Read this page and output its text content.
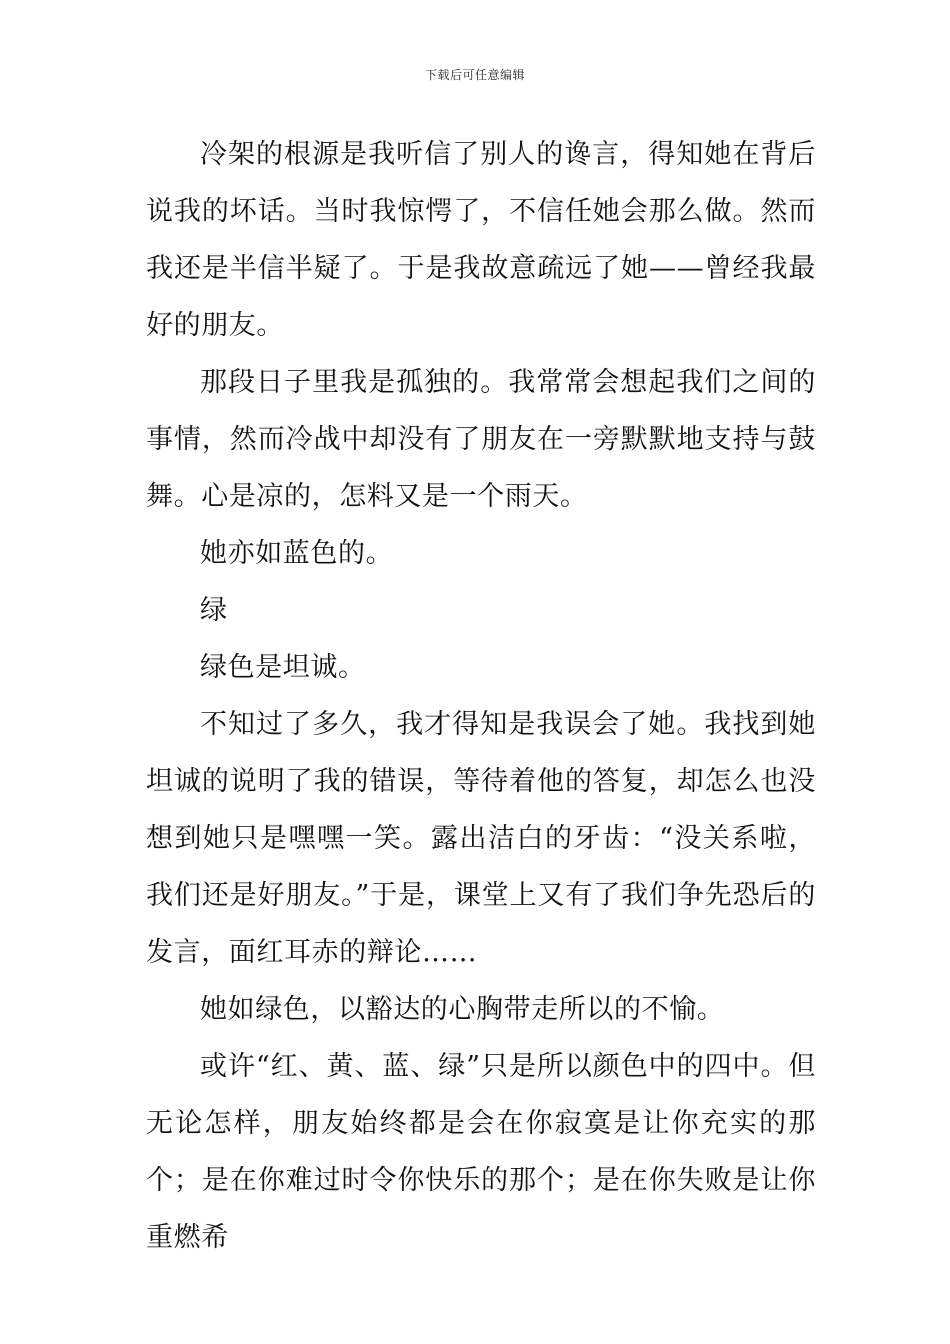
下载后可任意编辑

冷架的根源是我听信了别人的谗言，得知她在背后说我的坏话。当时我惊愕了，不信任她会那么做。然而我还是半信半疑了。于是我故意疏远了她——曾经我最好的朋友。

那段日子里我是孤独的。我常常会想起我们之间的事情，然而冷战中却没有了朋友在一旁默默地支持与鼓舞。心是凉的，怎料又是一个雨天。

她亦如蓝色的。

绿

绿色是坦诚。

不知过了多久，我才得知是我误会了她。我找到她坦诚的说明了我的错误，等待着他的答复，却怎么也没想到她只是嘿嘿一笑。露出洁白的牙齿：“没关系啦，我们还是好朋友。”于是，课堂上又有了我们争先恐后的发言，面红耳赤的辩论……

她如绿色，以豁达的心胸带走所以的不愉。

或许“红、黄、蓝、绿”只是所以颜色中的四中。但无论怎样，朋友始终都是会在你寂寞是让你充实的那个；是在你难过时令你快乐的那个；是在你失败是让你重燃希
